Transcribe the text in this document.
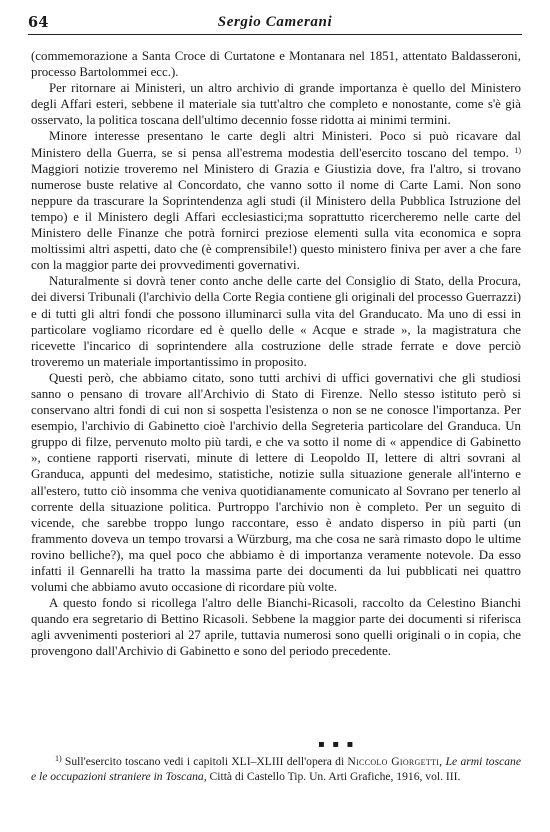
64	Sergio Camerani

(commemorazione a Santa Croce di Curtatone e Montanara nel 1851, attentato Baldasseroni, processo Bartolommei ecc.).

Per ritornare ai Ministeri, un altro archivio di grande importanza è quello del Ministero degli Affari esteri, sebbene il materiale sia tutt'altro che completo e nonostante, come s'è già osservato, la politica toscana dell'ultimo decennio fosse ridotta ai minimi termini.

Minore interesse presentano le carte degli altri Ministeri. Poco si può ricavare dal Ministero della Guerra, se si pensa all'estrema modestia dell'esercito toscano del tempo. $^{1)}$ Maggiori notizie troveremo nel Ministero di Grazia e Giustizia dove, fra l'altro, si trovano numerose buste relative al Concordato, che vanno sotto il nome di Carte Lami. Non sono neppure da trascurare la Soprintendenza agli studi (il Ministero della Pubblica Istruzione del tempo) e il Ministero degli Affari ecclesiastici;ma soprattutto ricercheremo nelle carte del Ministero delle Finanze che potrà fornirci preziose elementi sulla vita economica e sopra moltissimi altri aspetti, dato che (è comprensibile!) questo ministero finiva per aver a che fare con la maggior parte dei provvedimenti governativi.

Naturalmente si dovrà tener conto anche delle carte del Consiglio di Stato, della Procura, dei diversi Tribunali (l'archivio della Corte Regia contiene gli originali del processo Guerrazzi) e di tutti gli altri fondi che possono illuminarci sulla vita del Granducato. Ma uno di essi in particolare vogliamo ricordare ed è quello delle « Acque e strade », la magistratura che ricevette l'incarico di soprintendere alla costruzione delle strade ferrate e dove perciò troveremo un materiale importantissimo in proposito.

Questi però, che abbiamo citato, sono tutti archivi di uffici governativi che gli studiosi sanno o pensano di trovare all'Archivio di Stato di Firenze. Nello stesso istituto però si conservano altri fondi di cui non si sospetta l'esistenza o non se ne conosce l'importanza. Per esempio, l'archivio di Gabinetto cioè l'archivio della Segreteria particolare del Granduca. Un gruppo di filze, pervenuto molto più tardi, e che va sotto il nome di « appendice di Gabinetto », contiene rapporti riservati, minute di lettere di Leopoldo II, lettere di altri sovrani al Granduca, appunti del medesimo, statistiche, notizie sulla situazione generale all'interno e all'estero, tutto ciò insomma che veniva quotidianamente comunicato al Sovrano per tenerlo al corrente della situazione politica. Purtroppo l'archivio non è completo. Per un seguito di vicende, che sarebbe troppo lungo raccontare, esso è andato disperso in più parti (un frammento doveva un tempo trovarsi a Würzburg, ma che cosa ne sarà rimasto dopo le ultime rovino belliche?), ma quel poco che abbiamo è di importanza veramente notevole. Da esso infatti il Gennarelli ha tratto la massima parte dei documenti da lui pubblicati nei quattro volumi che abbiamo avuto occasione di ricordare più volte.

A questo fondo si ricollega l'altro delle Bianchi-Ricasoli, raccolto da Celestino Bianchi quando era segretario di Bettino Ricasoli. Sebbene la maggior parte dei documenti si riferisca agli avvenimenti posteriori al 27 aprile, tuttavia numerosi sono quelli originali o in copia, che provengono dall'Archivio di Gabinetto e sono del periodo precedente.

▪ ▪ ▪
$^{1)}$ Sull'esercito toscano vedi i capitoli XLI–XLIII dell'opera di Niccolo Giorgetti, Le armi toscane e le occupazioni straniere in Toscana, Città di Castello Tip. Un. Arti Grafiche, 1916, vol. III.
